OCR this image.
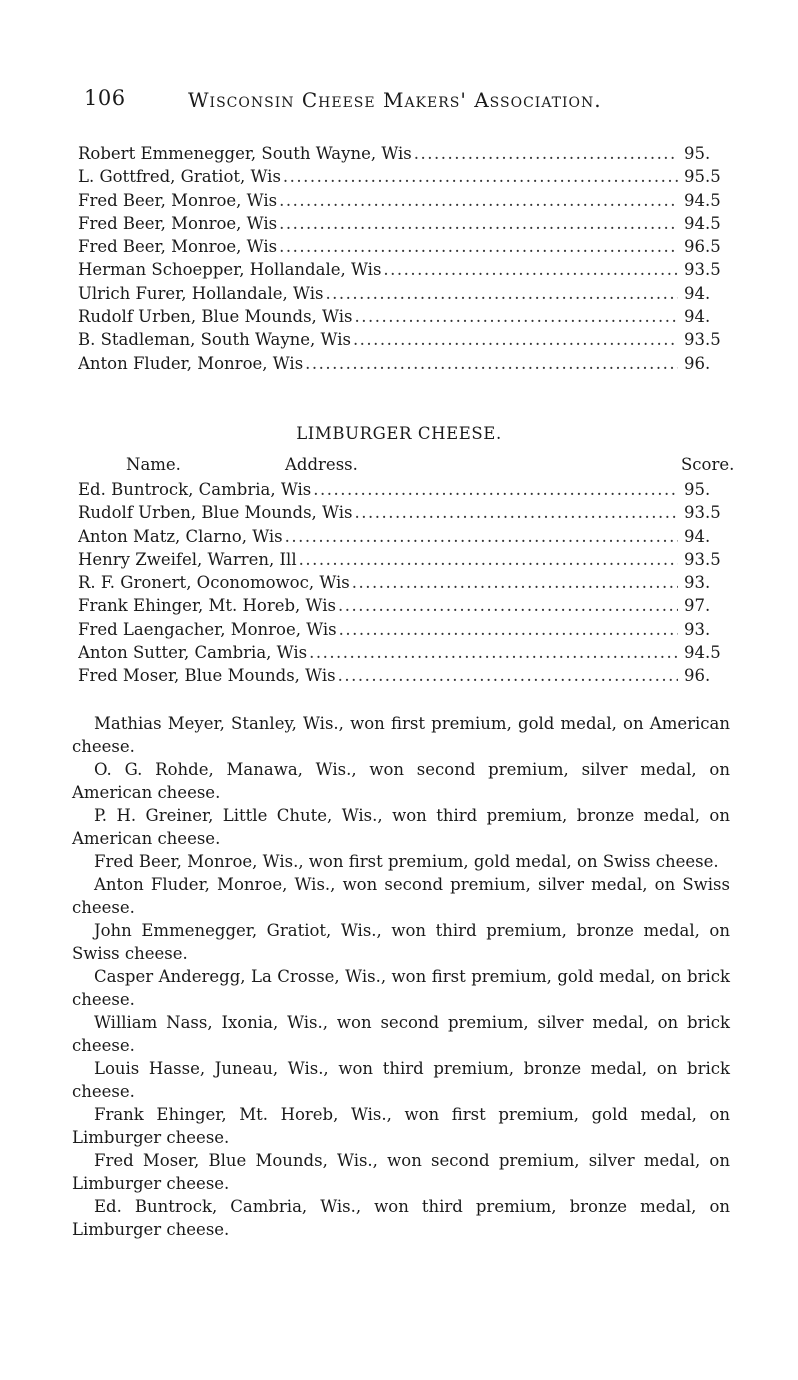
106	Wisconsin Cheese Makers' Association.
Robert Emmenegger, South Wayne, Wis .....	95.
L. Gottfred, Gratiot, Wis .....	95.5
Fred Beer, Monroe, Wis .....	94.5
Fred Beer, Monroe, Wis .....	94.5
Fred Beer, Monroe, Wis .....	96.5
Herman Schoepper, Hollandale, Wis .....	93.5
Ulrich Furer, Hollandale, Wis .....	94.
Rudolf Urben, Blue Mounds, Wis .....	94.
B. Stadleman, South Wayne, Wis .....	93.5
Anton Fluder, Monroe, Wis .....	96.
LIMBURGER CHEESE.
Name.	Address.	Score.
Ed. Buntrock, Cambria, Wis .....	95.
Rudolf Urben, Blue Mounds, Wis .....	93.5
Anton Matz, Clarno, Wis .....	94.
Henry Zweifel, Warren, Ill .....	93.5
R. F. Gronert, Oconomowoc, Wis .....	93.
Frank Ehinger, Mt. Horeb, Wis .....	97.
Fred Laengacher, Monroe, Wis .....	93.
Anton Sutter, Cambria, Wis .....	94.5
Fred Moser, Blue Mounds, Wis .....	96.

Mathias Meyer, Stanley, Wis., won first premium, gold medal, on American cheese.

O. G. Rohde, Manawa, Wis., won second premium, silver medal, on American cheese.

P. H. Greiner, Little Chute, Wis., won third premium, bronze medal, on American cheese.

Fred Beer, Monroe, Wis., won first premium, gold medal, on Swiss cheese.

Anton Fluder, Monroe, Wis., won second premium, silver medal, on Swiss cheese.

John Emmenegger, Gratiot, Wis., won third premium, bronze medal, on Swiss cheese.

Casper Anderegg, La Crosse, Wis., won first premium, gold medal, on brick cheese.

William Nass, Ixonia, Wis., won second premium, silver medal, on brick cheese.

Louis Hasse, Juneau, Wis., won third premium, bronze medal, on brick cheese.

Frank Ehinger, Mt. Horeb, Wis., won first premium, gold medal, on Limburger cheese.

Fred Moser, Blue Mounds, Wis., won second premium, silver medal, on Limburger cheese.

Ed. Buntrock, Cambria, Wis., won third premium, bronze medal, on Limburger cheese.
